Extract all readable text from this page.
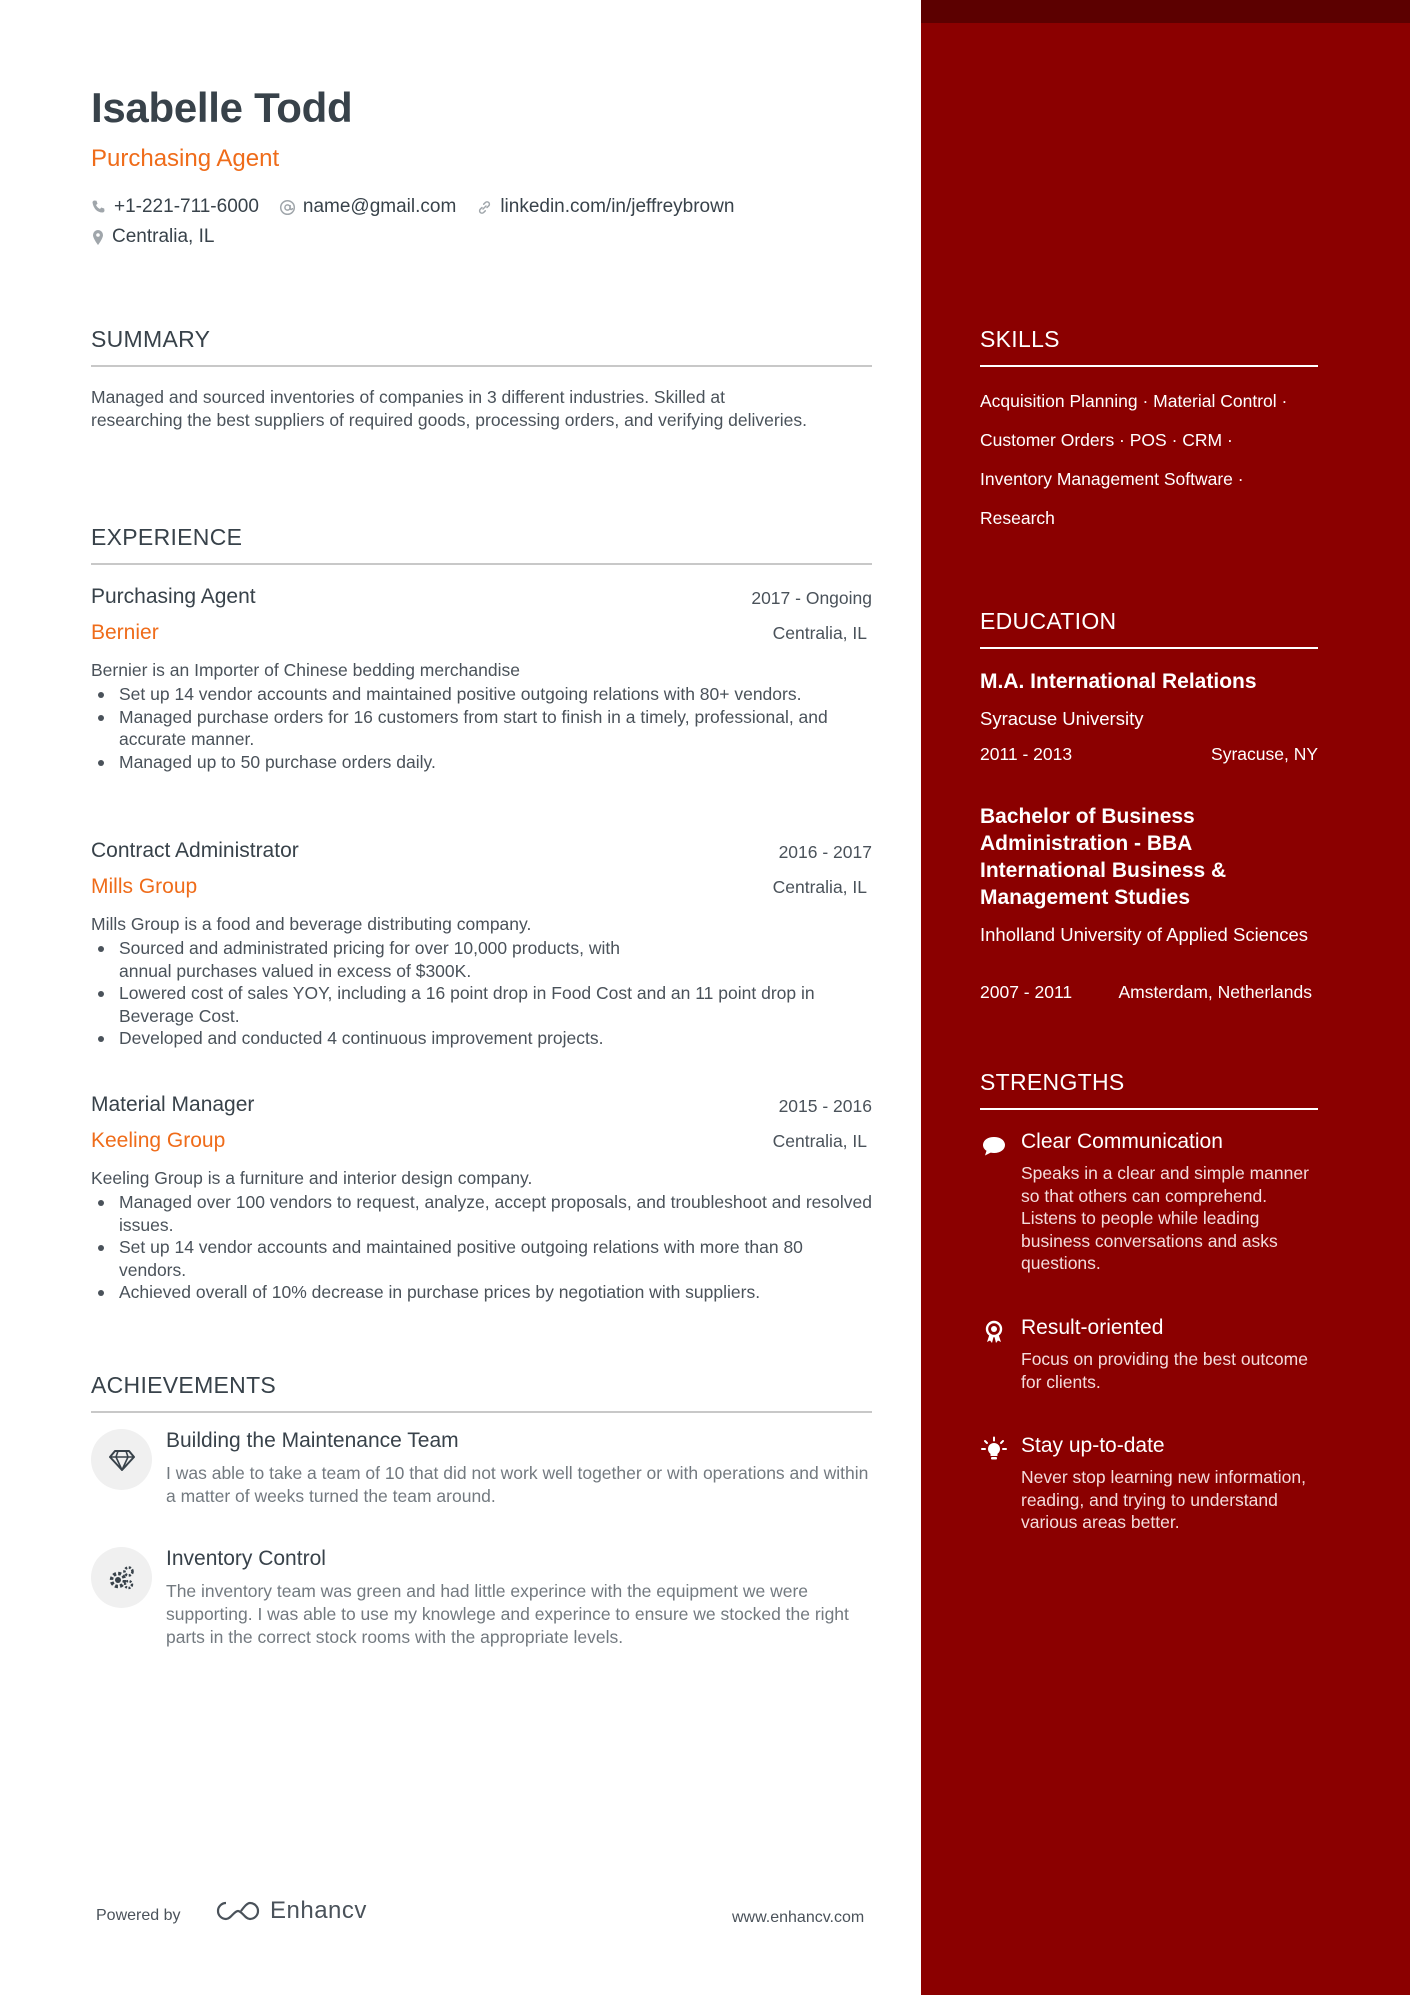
Isabelle Todd
Purchasing Agent
+1-221-711-6000 name@gmail.com linkedin.com/in/jeffreybrown
Centralia, IL
SUMMARY
Managed and sourced inventories of companies in 3 different industries. Skilled at researching the best suppliers of required goods, processing orders, and verifying deliveries.
EXPERIENCE
Purchasing Agent	2017 - Ongoing
Bernier	Centralia, IL
Bernier is an Importer of Chinese bedding merchandise
Set up 14 vendor accounts and maintained positive outgoing relations with 80+ vendors.
Managed purchase orders for 16 customers from start to finish in a timely, professional, and accurate manner.
Managed up to 50 purchase orders daily.
Contract Administrator	2016 - 2017
Mills Group	Centralia, IL
Mills Group is a food and beverage distributing company.
Sourced and administrated pricing for over 10,000 products, with annual purchases valued in excess of $300K.
Lowered cost of sales YOY, including a 16 point drop in Food Cost and an 11 point drop in Beverage Cost.
Developed and conducted 4 continuous improvement projects.
Material Manager	2015 - 2016
Keeling Group	Centralia, IL
Keeling Group is a furniture and interior design company.
Managed over 100 vendors to request, analyze, accept proposals, and troubleshoot and resolved issues.
Set up 14 vendor accounts and maintained positive outgoing relations with more than 80 vendors.
Achieved overall of 10% decrease in purchase prices by negotiation with suppliers.
ACHIEVEMENTS
Building the Maintenance Team
I was able to take a team of 10 that did not work well together or with operations and within a matter of weeks turned the team around.
Inventory Control
The inventory team was green and had little experince with the equipment we were supporting. I was able to use my knowlege and experince to ensure we stocked the right parts in the correct stock rooms with the appropriate levels.
Powered by	Enhancv	www.enhancv.com
SKILLS
Acquisition Planning · Material Control ·
Customer Orders · POS · CRM ·
Inventory Management Software ·
Research
EDUCATION
M.A. International Relations
Syracuse University
2011 - 2013	Syracuse, NY
Bachelor of Business Administration - BBA International Business & Management Studies
Inholland University of Applied Sciences
2007 - 2011	Amsterdam, Netherlands
STRENGTHS
Clear Communication
Speaks in a clear and simple manner so that others can comprehend. Listens to people while leading business conversations and asks questions.
Result-oriented
Focus on providing the best outcome for clients.
Stay up-to-date
Never stop learning new information, reading, and trying to understand various areas better.
